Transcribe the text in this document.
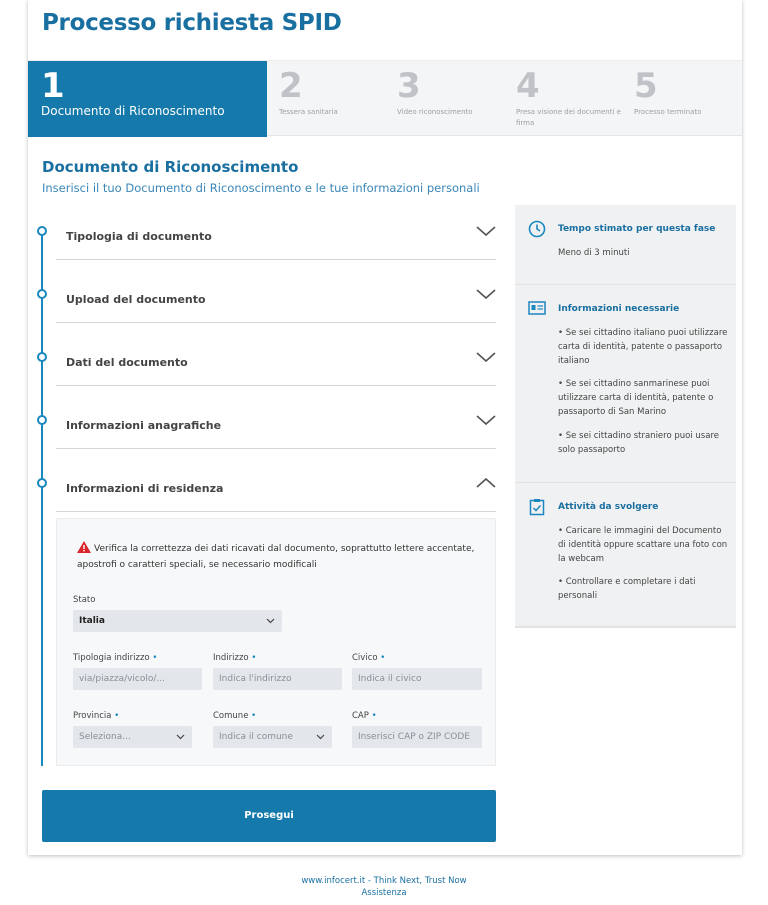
Processo richiesta SPID
1
Documento di Riconoscimento
2
Tessera sanitaria
3
Video riconoscimento
4
Presa visione dei documenti e firma
5
Processo terminato
Documento di Riconoscimento
Inserisci il tuo Documento di Riconoscimento e le tue informazioni personali
Tipologia di documento
Upload del documento
Dati del documento
Informazioni anagrafiche
Informazioni di residenza
Verifica la correttezza dei dati ricavati dal documento, soprattutto lettere accentate, apostrofi o caratteri speciali, se necessario modificali
Stato
Italia
Tipologia indirizzo •
via/piazza/vicolo/...
Indirizzo •
Indica l'indirizzo
Civico •
Indica il civico
Provincia •
Seleziona...
Comune •
Indica il comune
CAP •
Inserisci CAP o ZIP CODE
Tempo stimato per questa fase
Meno di 3 minuti
Informazioni necessarie
• Se sei cittadino italiano puoi utilizzare carta di identità, patente o passaporto italiano
• Se sei cittadino sanmarinese puoi utilizzare carta di identità, patente o passaporto di San Marino
• Se sei cittadino straniero puoi usare solo passaporto
Attività da svolgere
• Caricare le immagini del Documento di identità oppure scattare una foto con la webcam
• Controllare e completare i dati personali
Prosegui
www.infocert.it - Think Next, Trust Now
Assistenza
